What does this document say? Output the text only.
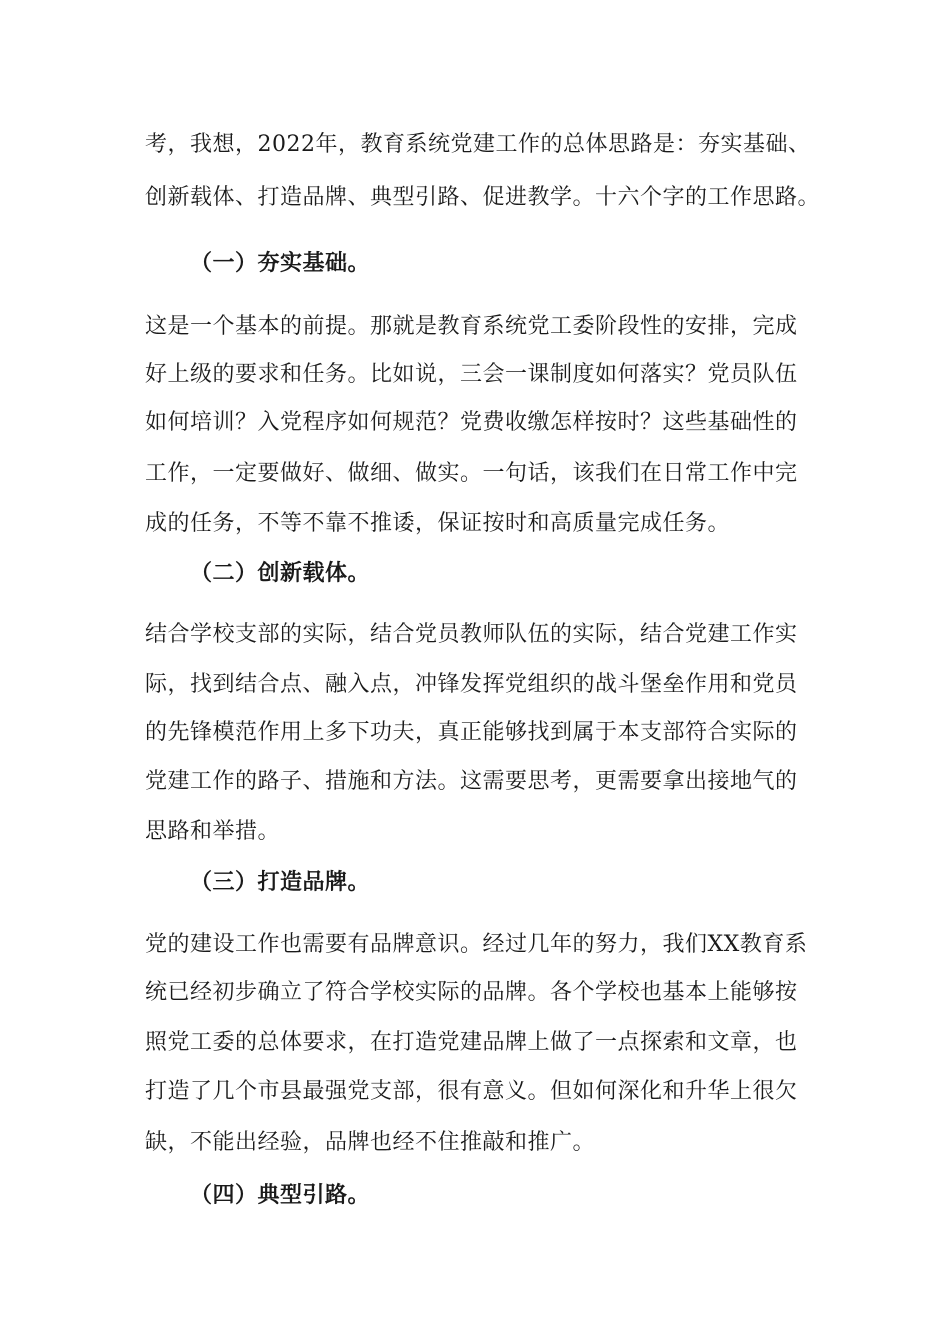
考，我想，2022年，教育系统党建工作的总体思路是：夯实基础、
创新载体、打造品牌、典型引路、促进教学。十六个字的工作思路。
（一）夯实基础。
这是一个基本的前提。那就是教育系统党工委阶段性的安排，完成
好上级的要求和任务。比如说，三会一课制度如何落实？党员队伍
如何培训？入党程序如何规范？党费收缴怎样按时？这些基础性的
工作，一定要做好、做细、做实。一句话，该我们在日常工作中完
成的任务，不等不靠不推诿，保证按时和高质量完成任务。
（二）创新载体。
结合学校支部的实际，结合党员教师队伍的实际，结合党建工作实
际，找到结合点、融入点，冲锋发挥党组织的战斗堡垒作用和党员
的先锋模范作用上多下功夫，真正能够找到属于本支部符合实际的
党建工作的路子、措施和方法。这需要思考，更需要拿出接地气的
思路和举措。
（三）打造品牌。
党的建设工作也需要有品牌意识。经过几年的努力，我们XX教育系
统已经初步确立了符合学校实际的品牌。各个学校也基本上能够按
照党工委的总体要求，在打造党建品牌上做了一点探索和文章，也
打造了几个市县最强党支部，很有意义。但如何深化和升华上很欠
缺，不能出经验，品牌也经不住推敲和推广。
（四）典型引路。
